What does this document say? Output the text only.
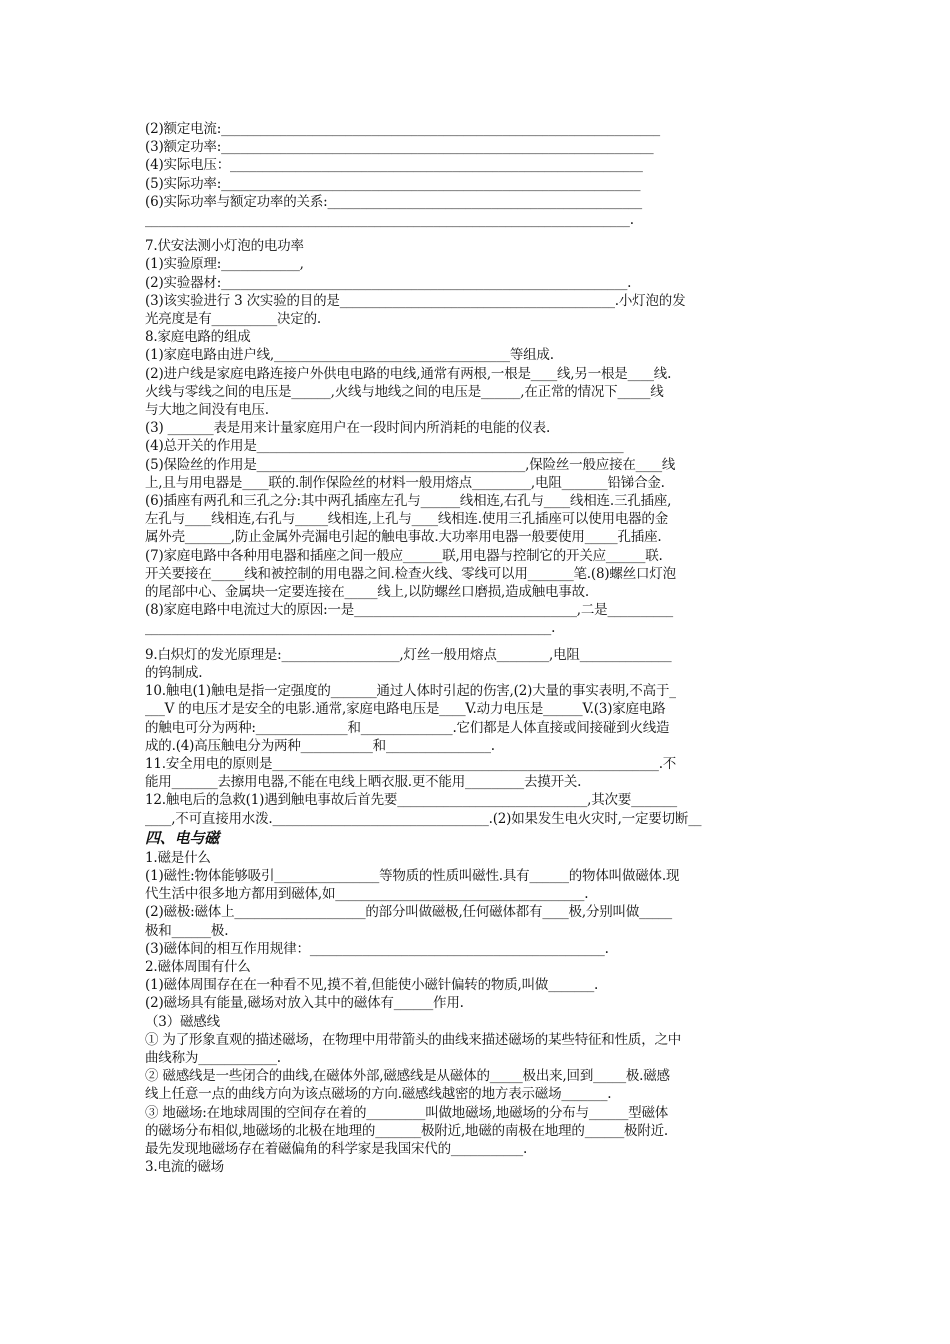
(2)额定电流:___________________________________________________________________
(3)额定功率:__________________________________________________________________
(4)实际电压：_______________________________________________________________
(5)实际功率:________________________________________________________________
(6)实际功率与额定功率的关系:________________________________________________
__________________________________________________________________________.
7.伏安法测小灯泡的电功率
(1)实验原理:____________,
(2)实验器材:______________________________________________________________.
(3)该实验进行 3 次实验的目的是__________________________________________.小灯泡的发
光亮度是有__________决定的.
8.家庭电路的组成
(1)家庭电路由进户线,____________________________________等组成.
(2)进户线是家庭电路连接户外供电电路的电线,通常有两根,一根是____线,另一根是____线.
火线与零线之间的电压是______,火线与地线之间的电压是______,在正常的情况下_____线
与大地之间没有电压.
(3) _______表是用来计量家庭用户在一段时间内所消耗的电能的仪表.
(4)总开关的作用是________________________________________________________
(5)保险丝的作用是_________________________________________,保险丝一般应接在____线
上,且与用电器是____联的.制作保险丝的材料一般用熔点_________,电阻_______铅锑合金.
(6)插座有两孔和三孔之分:其中两孔插座左孔与______线相连,右孔与____线相连.三孔插座,
左孔与____线相连,右孔与_____线相连,上孔与____线相连.使用三孔插座可以使用电器的金
属外壳_______,防止金属外壳漏电引起的触电事故.大功率用电器一般要使用_____孔插座.
(7)家庭电路中各种用电器和插座之间一般应______联,用电器与控制它的开关应______联.
开关要接在_____线和被控制的用电器之间.检查火线、零线可以用_______笔.(8)螺丝口灯泡
的尾部中心、金属块一定要连接在_____线上,以防螺丝口磨损,造成触电事故.
(8)家庭电路中电流过大的原因:一是__________________________________,二是__________
______________________________________________________________.
9.白炽灯的发光原理是:__________________,灯丝一般用熔点________,电阻______________
的钨制成.
10.触电(1)触电是指一定强度的_______通过人体时引起的伤害,(2)大量的事实表明,不高于_
___V 的电压才是安全的电影.通常,家庭电路电压是____V.动力电压是______V.(3)家庭电路
的触电可分为两种:______________和______________.它们都是人体直接或间接碰到火线造
成的.(4)高压触电分为两种___________和________________.
11.安全用电的原则是___________________________________________________________.不
能用_______去擦用电器,不能在电线上晒衣服.更不能用_________去摸开关.
12.触电后的急救(1)遇到触电事故后首先要_____________________________,其次要_______
____,不可直接用水泼._________________________________.(2)如果发生电火灾时,一定要切断__
四、电与磁
1.磁是什么
(1)磁性:物体能够吸引________________等物质的性质叫磁性.具有______的物体叫做磁体.现
代生活中很多地方都用到磁体,如______________________________________.
(2)磁极:磁体上____________________的部分叫做磁极,任何磁体都有____极,分别叫做_____
极和______极.
(3)磁体间的相互作用规律：_____________________________________________.
2.磁体周围有什么
(1)磁体周围存在在一种看不见,摸不着,但能使小磁针偏转的物质,叫做_______.
(2)磁场具有能量,磁场对放入其中的磁体有______作用.
（3）磁感线
① 为了形象直观的描述磁场，在物理中用带箭头的曲线来描述磁场的某些特征和性质，之中
曲线称为____________.
② 磁感线是一些闭合的曲线,在磁体外部,磁感线是从磁体的_____极出来,回到_____极.磁感
线上任意一点的曲线方向为该点磁场的方向.磁感线越密的地方表示磁场_______.
③ 地磁场:在地球周围的空间存在着的_________叫做地磁场,地磁场的分布与______型磁体
的磁场分布相似,地磁场的北极在地理的_______极附近,地磁的南极在地理的______极附近.
最先发现地磁场存在着磁偏角的科学家是我国宋代的___________.
3.电流的磁场
